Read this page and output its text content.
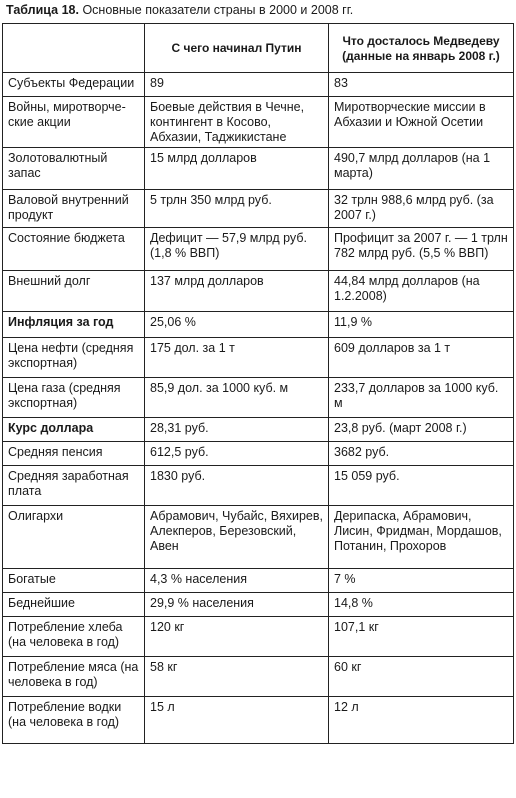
Таблица 18. Основные показатели страны в 2000 и 2008 гг.
	С чего начинал Путин	Что досталось Медведеву (данные на январь 2008 г.)
Субъекты Федерации	89	83
Войны, миротворче-ские акции	Боевые действия в Чечне, контингент в Косово, Абхазии, Таджикистане	Миротворческие миссии в Абхазии и Южной Осетии
Золотовалютный запас	15 млрд долларов	490,7 млрд долларов (на 1 марта)
Валовой внутренний продукт	5 трлн 350 млрд руб.	32 трлн 988,6 млрд руб. (за 2007 г.)
Состояние бюджета	Дефицит — 57,9 млрд руб. (1,8 % ВВП)	Профицит за 2007 г. — 1 трлн 782 млрд руб. (5,5 % ВВП)
Внешний долг	137 млрд долларов	44,84 млрд долларов (на 1.2.2008)
Инфляция за год	25,06 %	11,9 %
Цена нефти (средняя экспортная)	175 дол. за 1 т	609 долларов за 1 т
Цена газа (средняя экспортная)	85,9 дол. за 1000 куб. м	233,7 долларов за 1000 куб. м
Курс доллара	28,31 руб.	23,8 руб. (март 2008 г.)
Средняя пенсия	612,5 руб.	3682 руб.
Средняя заработная плата	1830 руб.	15 059 руб.
Олигархи	Абрамович, Чубайс, Вяхирев, Алекперов, Березовский, Авен	Дерипаска, Абрамович, Лисин, Фридман, Мордашов, Потанин, Прохоров
Богатые	4,3 % населения	7 %
Беднейшие	29,9 % населения	14,8 %
Потребление хлеба (на человека в год)	120 кг	107,1 кг
Потребление мяса (на человека в год)	58 кг	60 кг
Потребление водки (на человека в год)	15 л	12 л
